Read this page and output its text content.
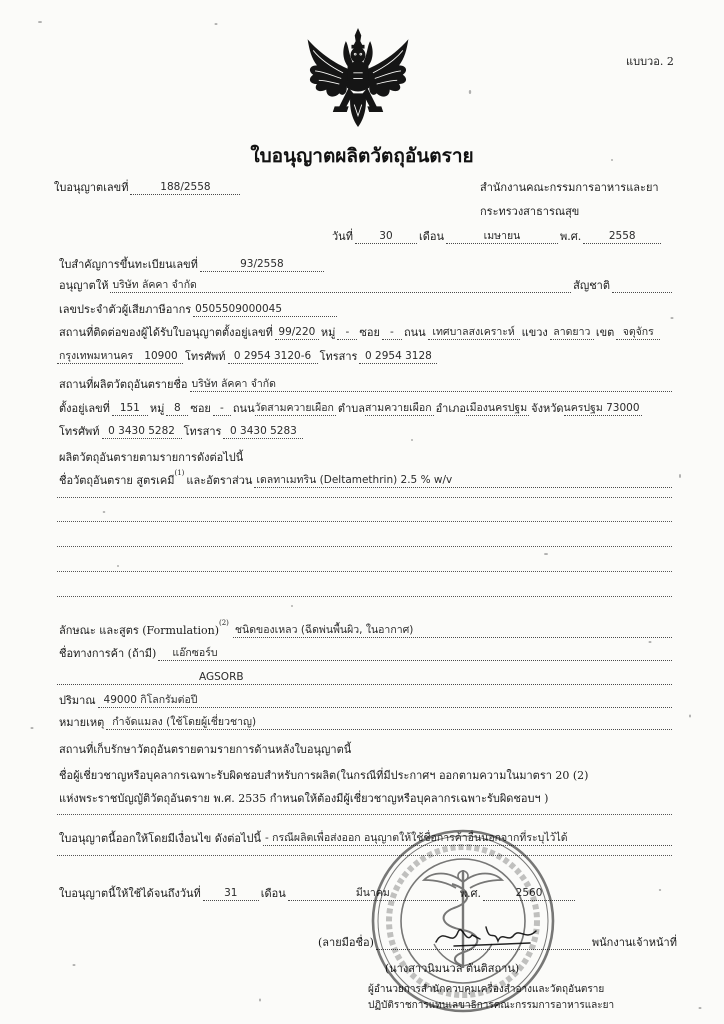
แบบวอ. 2
ใบอนุญาตผลิตวัตถุอันตราย
ใบอนุญาตเลขที่	188/2558	สำนักงานคณะกรรมการอาหารและยา
กระทรวงสาธารณสุข
วันที่	30	เดือน	เมษายน	พ.ศ.	2558
ใบสำคัญการขึ้นทะเบียนเลขที่	93/2558
อนุญาตให้ บริษัท ลัคคา จำกัด	สัญชาติ
เลขประจำตัวผู้เสียภาษีอากร 0505509000045
สถานที่ติดต่อของผู้ได้รับใบอนุญาตตั้งอยู่เลขที่ 99/220 หมู่ - ซอย - ถนน เทศบาลสงเคราะห์ แขวง ลาดยาว เขต จตุจักร
กรุงเทพมหานคร	10900 โทรศัพท์ 0 2954 3120-6 โทรสาร 0 2954 3128
สถานที่ผลิตวัตถุอันตรายชื่อ บริษัท ลัคคา จำกัด
ตั้งอยู่เลขที่ 151 หมู่ 8 ซอย - ถนน วัดสามควายเผือก ตำบล สามควายเผือก อำเภอ เมืองนครปฐม จังหวัด นครปฐม 73000
โทรศัพท์ 0 3430 5282 โทรสาร 0 3430 5283
ผลิตวัตถุอันตรายตามรายการดังต่อไปนี้
ชื่อวัตถุอันตราย สูตรเคมี
$^{(1)}$
และอัตราส่วน เดลทาเมทริน (Deltamethrin) 2.5 % w/v
ลักษณะ และสูตร (Formulation)
$^{(2)}$
ชนิดของเหลว (ฉีดพ่นพื้นผิว, ในอากาศ)
ชื่อทางการค้า (ถ้ามี)	แอ๊กซอร์บ
AGSORB
ปริมาณ 49000 กิโลกรัมต่อปี
หมายเหตุ กำจัดแมลง (ใช้โดยผู้เชี่ยวชาญ)
สถานที่เก็บรักษาวัตถุอันตรายตามรายการด้านหลังใบอนุญาตนี้
ชื่อผู้เชี่ยวชาญหรือบุคลากรเฉพาะรับผิดชอบสำหรับการผลิต(ในกรณีที่มีประกาศฯ ออกตามความในมาตรา 20 (2)
แห่งพระราชบัญญัติวัตถุอันตราย พ.ศ. 2535 กำหนดให้ต้องมีผู้เชี่ยวชาญหรือบุคลากรเฉพาะรับผิดชอบฯ )
ใบอนุญาตนี้ออกให้โดยมีเงื่อนไข ดังต่อไปนี้ - กรณีผลิตเพื่อส่งออก อนุญาตให้ใช้ชื่อการค้าอื่นนอกจากที่ระบุไว้ได้
ใบอนุญาตนี้ให้ใช้ได้จนถึงวันที่	31	เดือน	มีนาคม	พ.ศ.	2560
(ลายมือชื่อ)	พนักงานเจ้าหน้าที่
(นางสาวนิมนวล ตันติสถาน)
ผู้อำนวยการสำนักควบคุมเครื่องสำอางและวัตถุอันตราย
ปฏิบัติราชการแทนเลขาธิการคณะกรรมการอาหารและยา
